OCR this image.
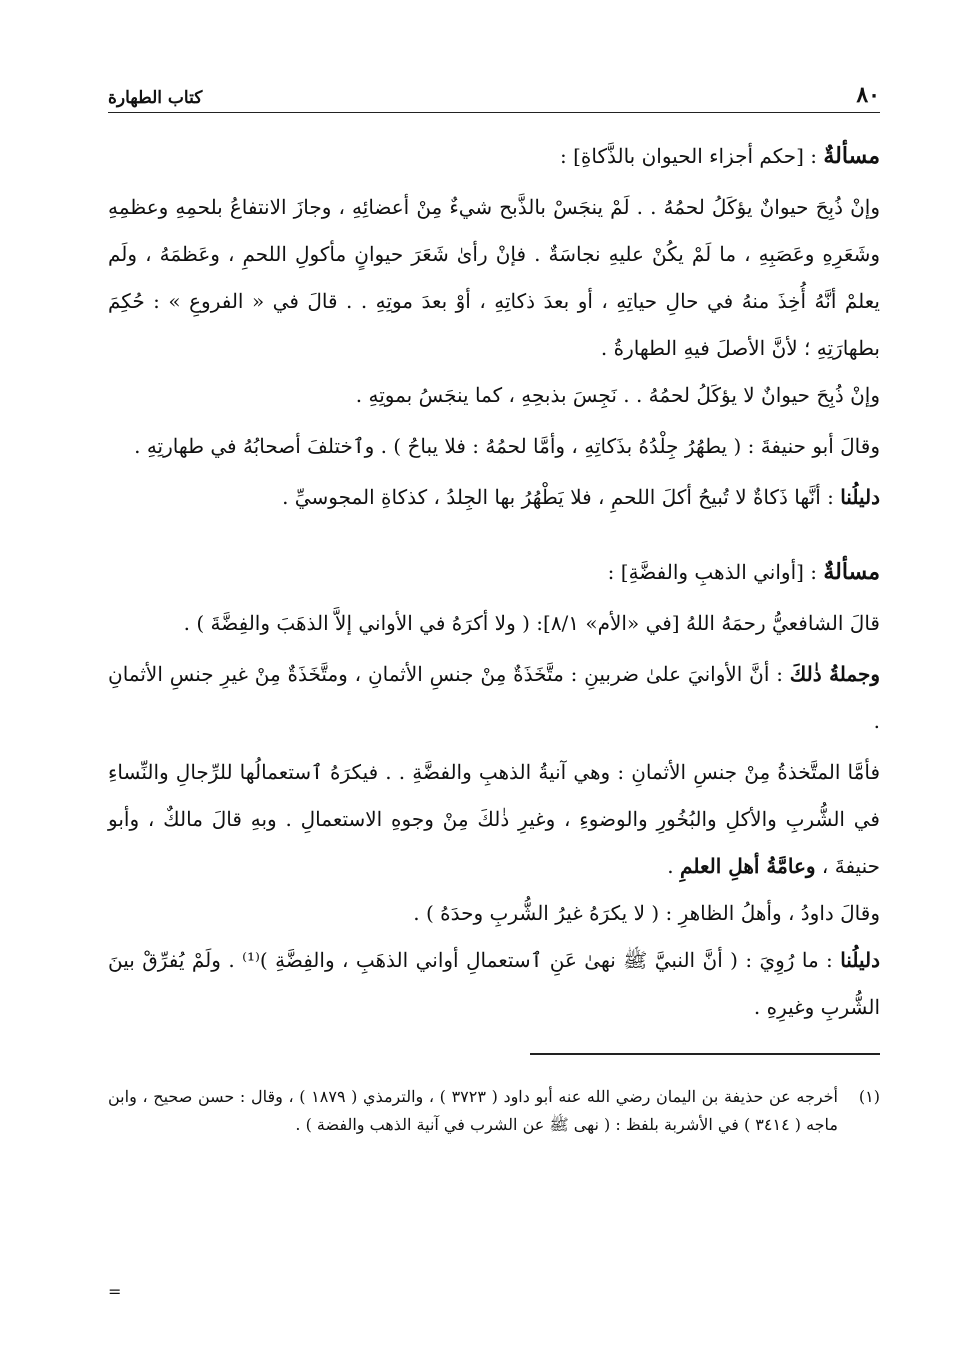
٨٠
كتاب الطهارة

مسألةٌ : [حكم أجزاء الحيوان بالذَّكاةِ] :

وإنْ ذُبِحَ حيوانٌ يؤكَلُ لحمُهُ . . لَمْ ينجَسْ بالذَّبح شيءٌ مِنْ أعضائِهِ ، وجازَ الانتفاعُ بلحمِهِ وعظمِهِ وشَعَرِهِ وعَصَبِهِ ، ما لَمْ يكُنْ عليهِ نجاسَةٌ . فإنْ رأىٰ شَعَرَ حيوانٍ مأكولِ اللحمِ ، وعَظمَهُ ، ولَم يعلمْ أنَّهُ أُخِذَ منهُ في حالِ حياتِهِ ، أو بعدَ ذكاتِهِ ، أوْ بعدَ موتِهِ . . قالَ في « الفروعِ » : حُكِمَ بطهارَتِهِ ؛ لأنَّ الأصلَ فيهِ الطهارةُ .

وإنْ ذُبِحَ حيوانٌ لا يؤكَلُ لحمُهُ . . نَجِسَ بذبحِهِ ، كما ينجَسُ بموتِهِ .

وقالَ أبو حنيفةَ : ( يطهُرُ جِلْدُهُ بذَكاتِهِ ، وأمَّا لحمُهُ : فلا يباحُ ) . وٱختلفَ أصحابُهُ في طهارتِهِ .

دليلُنا : أنَّها ذَكاةٌ لا تُبيحُ أكلَ اللحمِ ، فلا يَطْهُرُ بها الجِلدُ ، كذكاةِ المجوسيِّ .

مسألةٌ : [أواني الذهبِ والفضَّةِ] :

قالَ الشافعيُّ رحمَهُ اللهُ [في «الأم» ٨/١]: ( ولا أكرَهُ في الأواني إلاَّ الذهَبَ والفِضَّةَ ) .

وجملةُ ذٰلكَ : أنَّ الأوانيَ علىٰ ضربينِ : متَّخَذَةٌ مِنْ جنسِ الأثمانِ ، ومتَّخَذَةٌ مِنْ غيرِ جنسِ الأثمانِ .

فأمَّا المتَّخذةُ مِنْ جنسِ الأثمانِ : وهي آنيةُ الذهبِ والفضَّةِ . . فيكرَهُ ٱستعمالُها للرِّجالِ والنِّساءِ في الشُّربِ والأكلِ والبُخُورِ والوضوءِ ، وغيرِ ذٰلكَ مِنْ وجوهِ الاستعمالِ . وبهِ قالَ مالكٌ ، وأبو حنيفةَ ، وعامَّةُ أهلِ العلمِ .

وقالَ داودُ ، وأهلُ الظاهرِ : ( لا يكرَهُ غيرُ الشُّربِ وحدَهُ ) .

دليلُنا : ما رُوِيَ : ( أنَّ النبيَّ ﷺ نهىٰ عَنِ ٱستعمالِ أواني الذهَبِ ، والفِضَّةِ )⁽¹⁾ . ولَمْ يُفرِّقْ بينَ الشُّربِ وغيرِهِ .

(١)
أخرجه عن حذيفة بن اليمان رضي الله عنه أبو داود ( ٣٧٢٣ ) ، والترمذي ( ١٨٧٩ ) ، وقال : حسن صحيح ، وابن ماجه ( ٣٤١٤ ) في الأشربة بلفظ : ( نهى ﷺ عن الشرب في آنية الذهب والفضة ) .
=
